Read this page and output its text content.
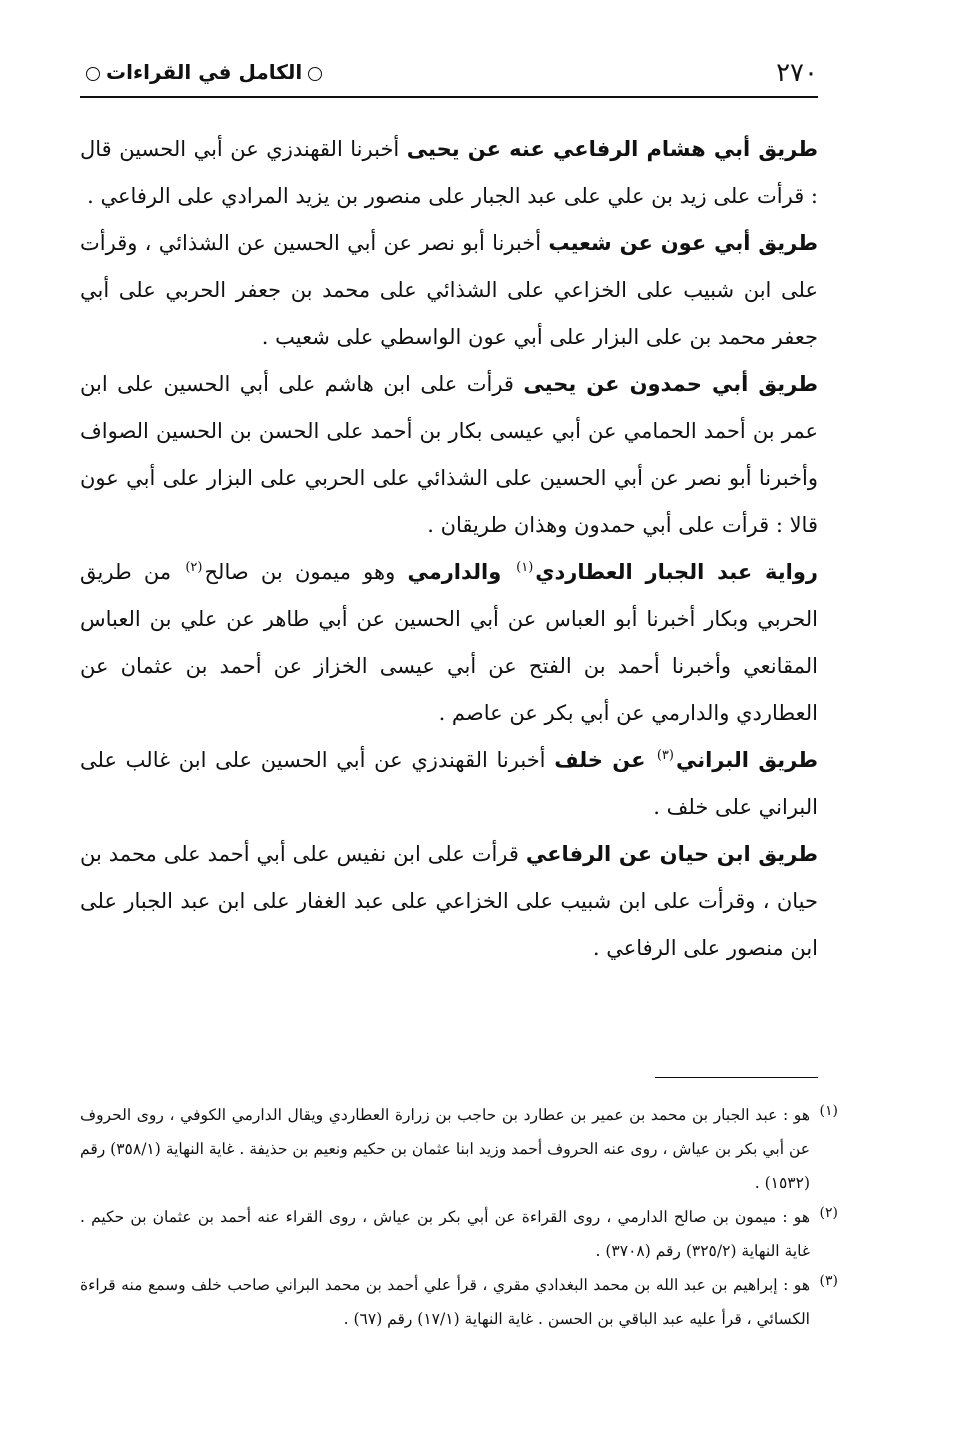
٢٧٠
الكامل في القراءات

طريق أبي هشام الرفاعي عنه عن يحيى أخبرنا القهندزي عن أبي الحسين قال : قرأت على زيد بن علي على عبد الجبار على منصور بن يزيد المرادي على الرفاعي .

طريق أبي عون عن شعيب أخبرنا أبو نصر عن أبي الحسين عن الشذائي ، وقرأت على ابن شبيب على الخزاعي على الشذائي على محمد بن جعفر الحربي على أبي جعفر محمد بن على البزار على أبي عون الواسطي على شعيب .

طريق أبي حمدون عن يحيى قرأت على ابن هاشم على أبي الحسين على ابن عمر بن أحمد الحمامي عن أبي عيسى بكار بن أحمد على الحسن بن الحسين الصواف وأخبرنا أبو نصر عن أبي الحسين على الشذائي على الحربي على البزار على أبي عون قالا : قرأت على أبي حمدون وهذان طريقان .

رواية عبد الجبار العطاردي$^{(١)}$ والدارمي وهو ميمون بن صالح$^{(٢)}$ من طريق الحربي وبكار أخبرنا أبو العباس عن أبي الحسين عن أبي طاهر عن علي بن العباس المقانعي وأخبرنا أحمد بن الفتح عن أبي عيسى الخزاز عن أحمد بن عثمان عن العطاردي والدارمي عن أبي بكر عن عاصم .

طريق البراني$^{(٣)}$ عن خلف أخبرنا القهندزي عن أبي الحسين على ابن غالب على البراني على خلف .

طريق ابن حيان عن الرفاعي قرأت على ابن نفيس على أبي أحمد على محمد بن حيان ، وقرأت على ابن شبيب على الخزاعي على عبد الغفار على ابن عبد الجبار على ابن منصور على الرفاعي .

(١)
هو : عبد الجبار بن محمد بن عمير بن عطارد بن حاجب بن زرارة العطاردي ويقال الدارمي الكوفي ، روى الحروف عن أبي بكر بن عياش ، روى عنه الحروف أحمد وزيد ابنا عثمان بن حكيم ونعيم بن حذيفة . غاية النهاية (٣٥٨/١) رقم (١٥٣٢) .
(٢)
هو : ميمون بن صالح الدارمي ، روى القراءة عن أبي بكر بن عياش ، روى القراء عنه أحمد بن عثمان بن حكيم . غاية النهاية (٣٢٥/٢) رقم (٣٧٠٨) .
(٣)
هو : إبراهيم بن عبد الله بن محمد البغدادي مقري ، قرأ علي أحمد بن محمد البراني صاحب خلف وسمع منه قراءة الكسائي ، قرأ عليه عبد الباقي بن الحسن . غاية النهاية (١٧/١) رقم (٦٧) .
